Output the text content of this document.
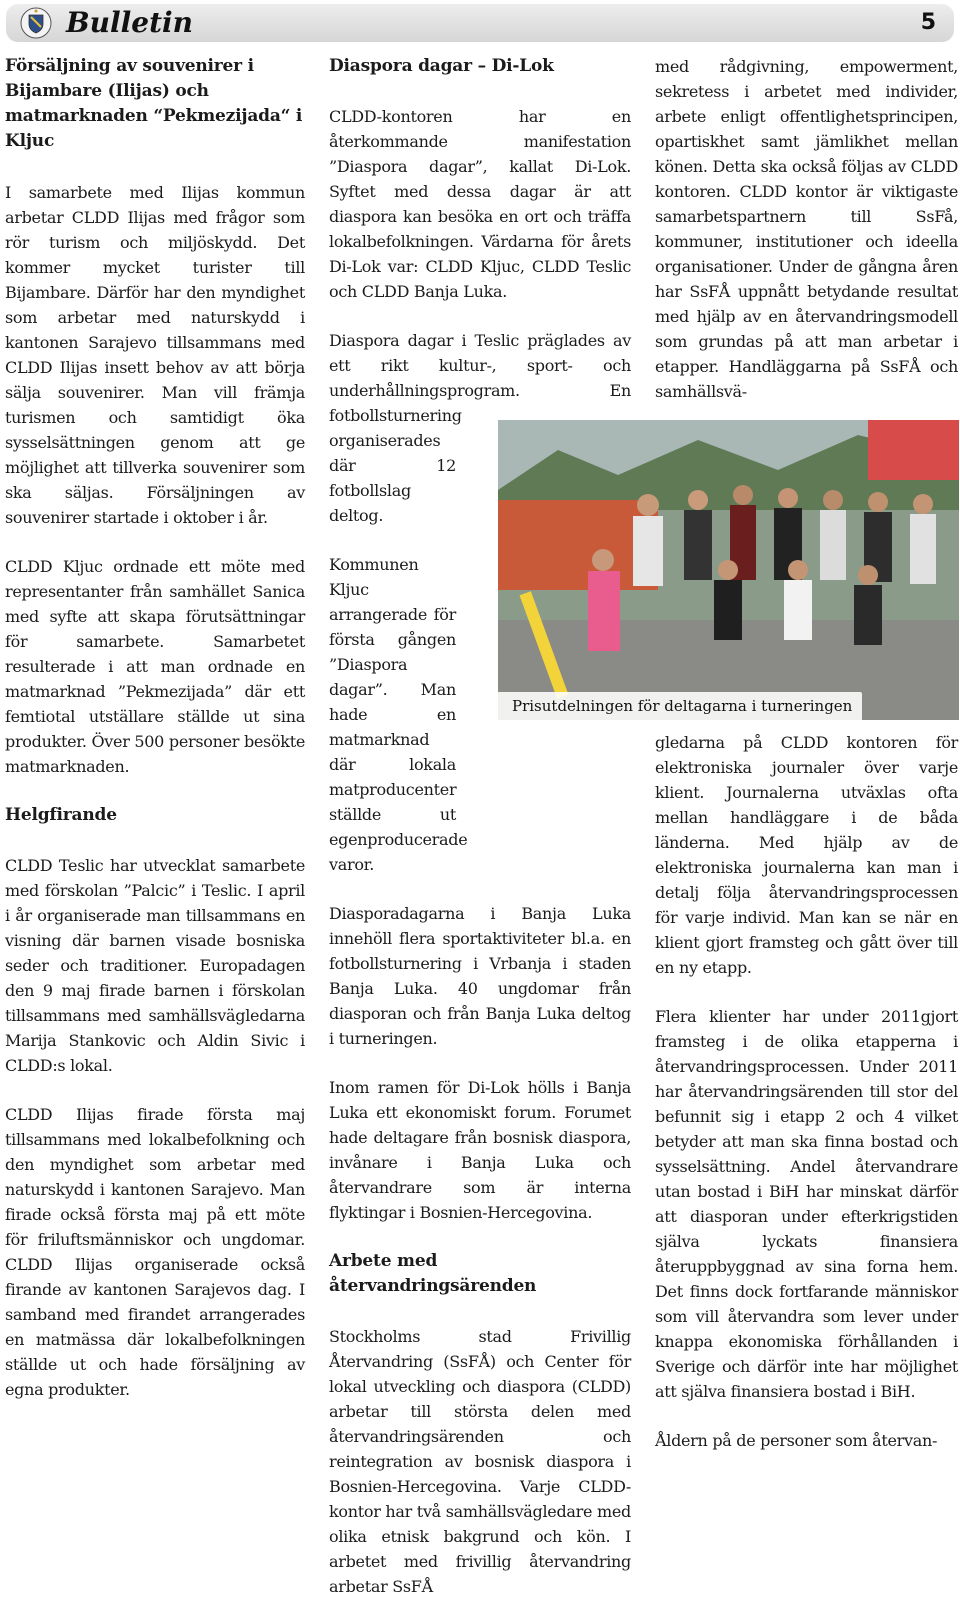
Bulletin	5
Försäljning av souvenirer i Bijambare (Ilijas) och matmarknaden “Pekmezijada“ i Kljuc

I samarbete med Ilijas kommun arbetar CLDD Ilijas med frågor som rör turism och miljöskydd. Det kommer mycket turister till Bijambare. Därför har den myndighet som arbetar med naturskydd i kantonen Sarajevo tillsammans med CLDD Ilijas insett behov av att börja sälja souvenirer. Man vill främja turismen och samtidigt öka sysselsättningen genom att ge möjlighet att tillverka souvenirer som ska säljas. Försäljningen av souvenirer startade i oktober i år.

CLDD Kljuc ordnade ett möte med representanter från samhället Sanica med syfte att skapa förutsättningar för samarbete. Samarbetet resulterade i att man ordnade en matmarknad ”Pekmezijada” där ett femtiotal utställare ställde ut sina produkter. Över 500 personer besökte matmarknaden.

Helgfirande

CLDD Teslic har utvecklat samarbete med förskolan ”Palcic” i Teslic. I april i år organiserade man tillsammans en visning där barnen visade bosniska seder och traditioner. Europadagen den 9 maj firade barnen i förskolan tillsammans med samhällsvägledarna Marija Stankovic och Aldin Sivic i CLDD:s lokal.

CLDD Ilijas firade första maj tillsammans med lokalbefolkning och den myndighet som arbetar med naturskydd i kantonen Sarajevo. Man firade också första maj på ett möte för friluftsmänniskor och ungdomar. CLDD Ilijas organiserade också firande av kantonen Sarajevos dag. I samband med firandet arrangerades en matmässa där lokalbefolkningen ställde ut och hade försäljning av egna produkter.

Diaspora dagar – Di-Lok

CLDD-kontoren har en återkommande manifestation ”Diaspora dagar”, kallat Di-Lok. Syftet med dessa dagar är att diaspora kan besöka en ort och träffa lokalbefolkningen. Värdarna för årets Di-Lok var: CLDD Kljuc, CLDD Teslic och CLDD Banja Luka.

Diaspora dagar i Teslic präglades av ett rikt kultur-, sport- och underhållningsprogram. En fotbollsturnering

organiserades där 12 fotbollslag deltog.

Kommunen Kljuc arrangerade för första gången ”Diaspora dagar”. Man hade en matmarknad där lokala matproducenter ställde ut egenproducerade varor.

Diasporadagarna i Banja Luka innehöll flera sportaktiviteter bl.a. en fotbollsturnering i Vrbanja i staden Banja Luka. 40 ungdomar från diasporan och från Banja Luka deltog i turneringen.

Inom ramen för Di-Lok hölls i Banja Luka ett ekonomiskt forum. Forumet hade deltagare från bosnisk diaspora, invånare i Banja Luka och återvandrare som är interna flyktingar i Bosnien-Hercegovina.

Arbete med återvandringsärenden

Stockholms stad Frivillig Återvandring (SsFÅ) och Center för lokal utveckling och diaspora (CLDD) arbetar till största delen med återvandringsärenden och reintegration av bosnisk diaspora i Bosnien-Hercegovina. Varje CLDD-kontor har två samhällsvägledare med olika etnisk bakgrund och kön. I arbetet med frivillig återvandring arbetar SsFÅ

med rådgivning, empowerment, sekretess i arbetet med individer, arbete enligt offentlighetsprincipen, opartiskhet samt jämlikhet mellan könen. Detta ska också följas av CLDD kontoren. CLDD kontor är viktigaste samarbetspartnern till SsFå, kommuner, institutioner och ideella organisationer. Under de gångna åren har SsFÅ uppnått betydande resultat med hjälp av en återvandringsmodell som grundas på att man arbetar i etapper. Handläggarna på SsFÅ och samhällsvä-

Prisutdelningen för deltagarna i turneringen

gledarna på CLDD kontoren för elektroniska journaler över varje klient. Journalerna utväxlas ofta mellan handläggare i de båda länderna. Med hjälp av de elektroniska journalerna kan man i detalj följa återvandringsprocessen för varje individ. Man kan se när en klient gjort framsteg och gått över till en ny etapp.

Flera klienter har under 2011gjort framsteg i de olika etapperna i återvandringsprocessen. Under 2011 har återvandringsärenden till stor del befunnit sig i etapp 2 och 4 vilket betyder att man ska finna bostad och sysselsättning. Andel återvandrare utan bostad i BiH har minskat därför att diasporan under efterkrigstiden själva lyckats finansiera återuppbyggnad av sina forna hem. Det finns dock fortfarande människor som vill återvandra som lever under knappa ekonomiska förhållanden i Sverige och därför inte har möjlighet att själva finansiera bostad i BiH.

Åldern på de personer som återvan-
